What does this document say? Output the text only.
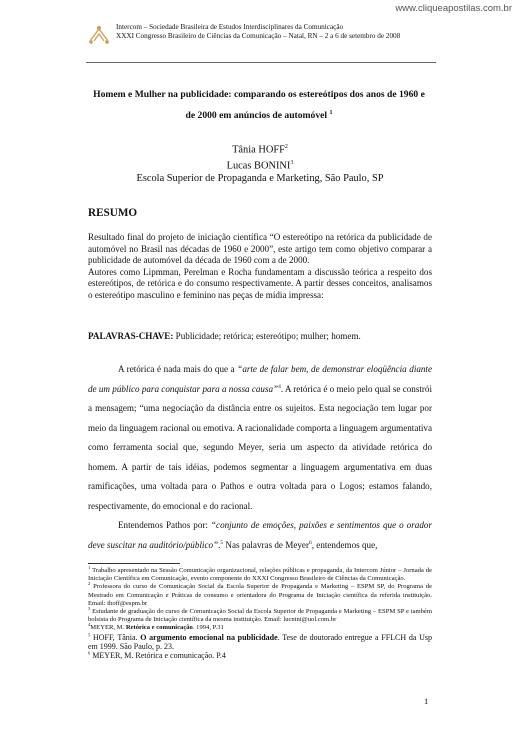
www.cliqueapostilas.com.br
Intercom – Sociedade Brasileira de Estudos Interdisciplinares da Comunicação
XXXI Congresso Brasileiro de Ciências da Comunicação – Natal, RN – 2 a 6 de setembro de 2008
Homem e Mulher na publicidade: comparando os estereótipos dos anos de 1960 e
de 2000 em anúncios de automóvel $^1$
Tânia HOFF$^2$
Lucas BONINI$^3$
Escola Superior de Propaganda e Marketing, São Paulo, SP
RESUMO

Resultado final do projeto de iniciação científica “O estereótipo na retórica da publicidade de automóvel no Brasil nas décadas de 1960 e 2000”, este artigo tem como objetivo comparar a publicidade de automóvel da década de 1960 com a de 2000.

Autores como Lipmman, Perelman e Rocha fundamentam a discussão teórica a respeito dos estereótipos, de retórica e do consumo respectivamente. A partir desses conceitos, analisamos o estereótipo masculino e feminino nas peças de mídia impressa:

PALAVRAS-CHAVE: Publicidade; retórica; estereótipo; mulher; homem.

A retórica é nada mais do que a “arte de falar bem, de demonstrar eloqüência diante de um público para conquistar para a nossa causa”$^4$. A retórica é o meio pelo qual se constrói a mensagem; “uma negociação da distância entre os sujeitos. Esta negociação tem lugar por meio da linguagem racional ou emotiva. A racionalidade comporta a linguagem argumentativa como ferramenta social que, segundo Meyer, seria um aspecto da atividade retórica do homem. A partir de tais idéias, podemos segmentar a linguagem argumentativa em duas ramificações, uma voltada para o Pathos e outra voltada para o Logos; estamos falando, respectivamente, do emocional e do racional.

Entendemos Pathos por: “conjunto de emoções, paixões e sentimentos que o orador deve suscitar na auditório/público”.$^5$ Nas palavras de Meyer$^6$, entendemos que,

$^1$ Trabalho apresentado na Sessão Comunicação organizacional, relações públicas e propaganda, da Intercom Júnior – Jornada de Iniciação Científica em Comunicação, evento componente do XXXI Congresso Brasileiro de Ciências da Comunicação.

$^2$ Professora do curso de Comunicação Social da Escola Superior de Propaganda e Marketing – ESPM SP, do Programa de Mestrado em Comunicação e Práticas de consumo e orientadora do Programa de Iniciação científica da referida instituição. Email: thoff@espm.br

$^3$ Estudante de graduação do curso de Comunicação Social da Escola Superior de Propaganda e Marketing – ESPM SP e também bolsista do Programa de Iniciação científica da mesma instituição. Email: lucnini@uol.com.br

$^4$MEYER, M. Retórica e comunicação. 1994, P.31

$^5$ HOFF, Tânia. O argumento emocional na publicidade. Tese de doutorado entregue a FFLCH da Usp em 1999. São Paulo, p. 23.

$^6$ MEYER, M. Retórica e comunicação. P.4

1
